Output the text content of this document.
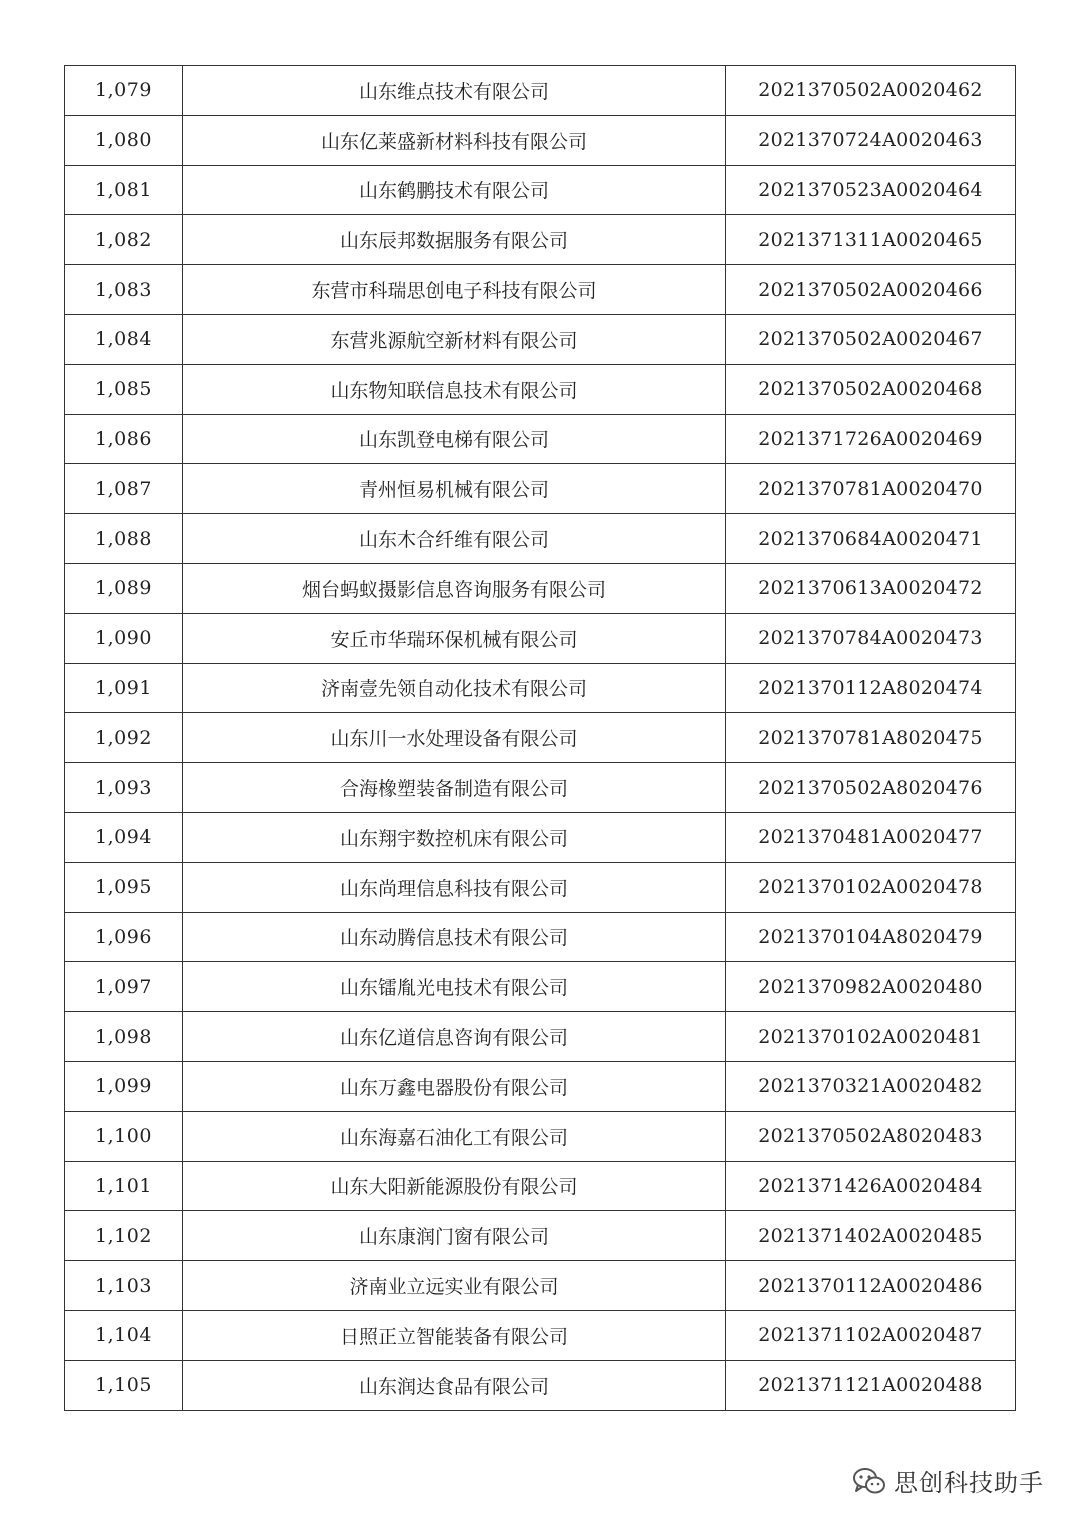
1,079	山东维点技术有限公司	2021370502A0020462
1,080	山东亿莱盛新材料科技有限公司	2021370724A0020463
1,081	山东鹤鹏技术有限公司	2021370523A0020464
1,082	山东辰邦数据服务有限公司	2021371311A0020465
1,083	东营市科瑞思创电子科技有限公司	2021370502A0020466
1,084	东营兆源航空新材料有限公司	2021370502A0020467
1,085	山东物知联信息技术有限公司	2021370502A0020468
1,086	山东凯登电梯有限公司	2021371726A0020469
1,087	青州恒易机械有限公司	2021370781A0020470
1,088	山东木合纤维有限公司	2021370684A0020471
1,089	烟台蚂蚁摄影信息咨询服务有限公司	2021370613A0020472
1,090	安丘市华瑞环保机械有限公司	2021370784A0020473
1,091	济南壹先领自动化技术有限公司	2021370112A8020474
1,092	山东川一水处理设备有限公司	2021370781A8020475
1,093	合海橡塑装备制造有限公司	2021370502A8020476
1,094	山东翔宇数控机床有限公司	2021370481A0020477
1,095	山东尚理信息科技有限公司	2021370102A0020478
1,096	山东动腾信息技术有限公司	2021370104A8020479
1,097	山东镭胤光电技术有限公司	2021370982A0020480
1,098	山东亿道信息咨询有限公司	2021370102A0020481
1,099	山东万鑫电器股份有限公司	2021370321A0020482
1,100	山东海嘉石油化工有限公司	2021370502A8020483
1,101	山东大阳新能源股份有限公司	2021371426A0020484
1,102	山东康润门窗有限公司	2021371402A0020485
1,103	济南业立远实业有限公司	2021370112A0020486
1,104	日照正立智能装备有限公司	2021371102A0020487
1,105	山东润达食品有限公司	2021371121A0020488
思创科技助手
